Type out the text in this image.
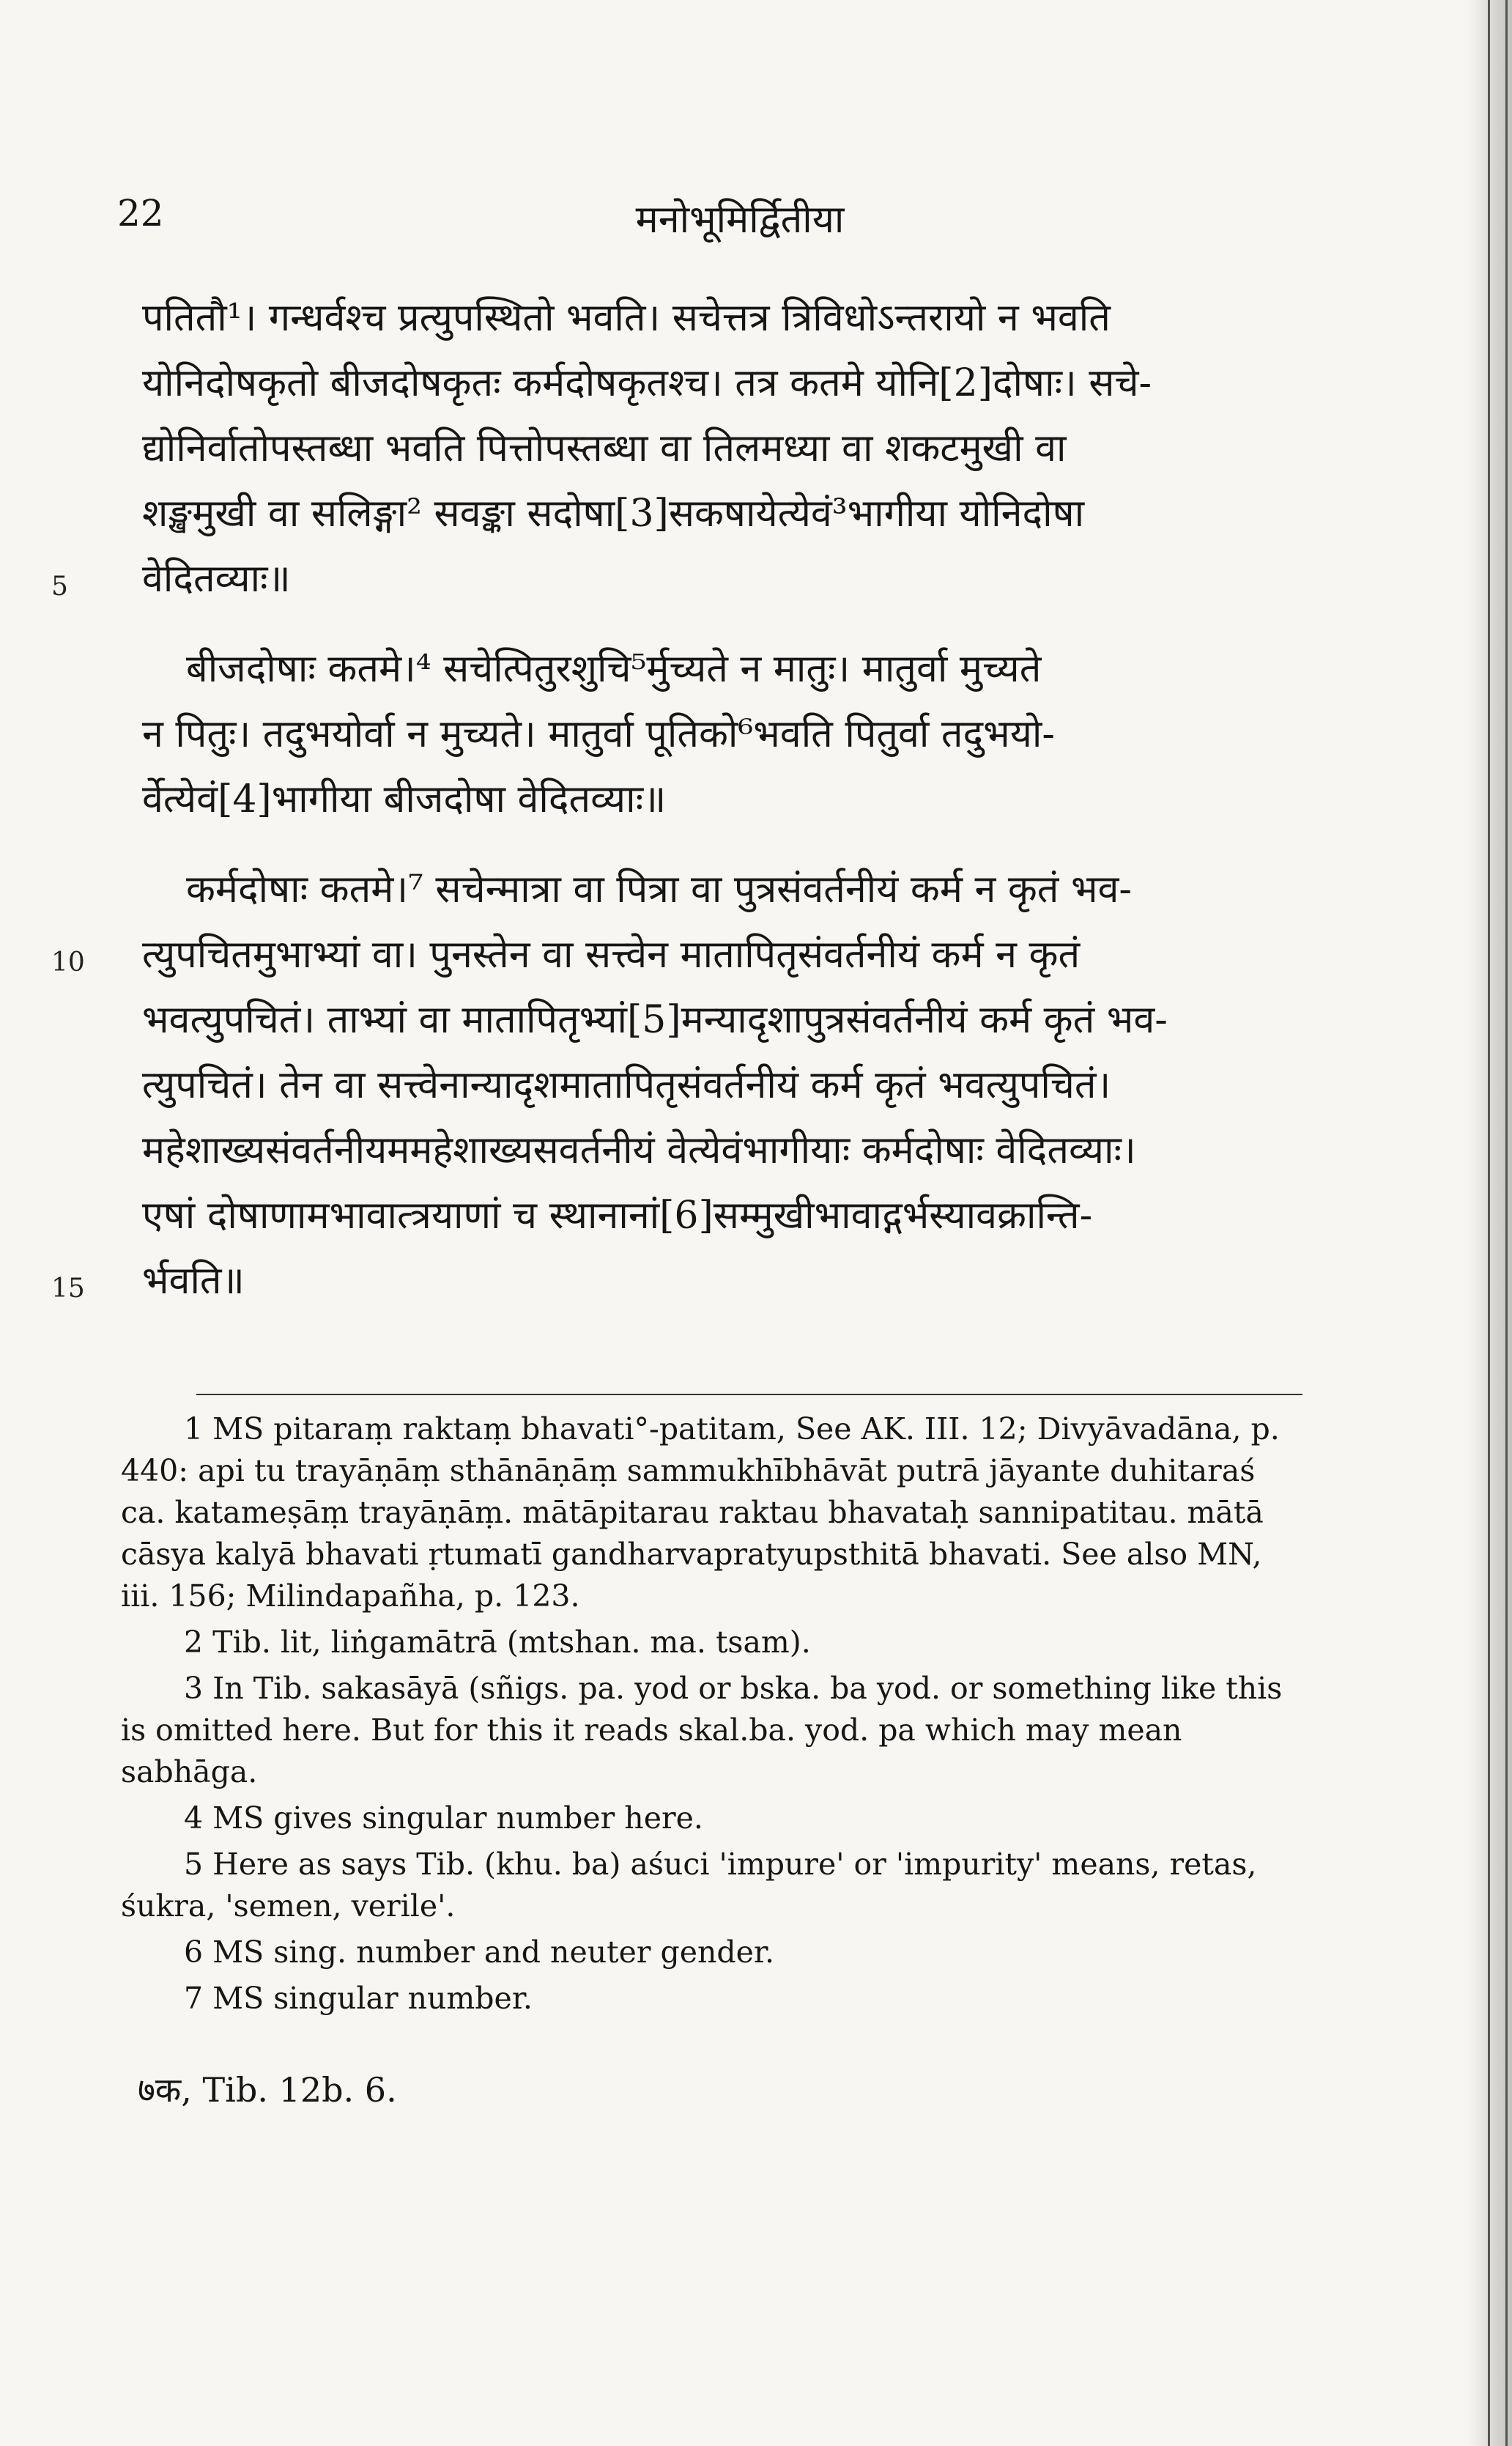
22	मनोभूमिर्द्वितीया
पतितौ¹। गन्धर्वश्च प्रत्युपस्थितो भवति। सचेत्तत्र त्रिविधोऽन्तरायो न भवति
योनिदोषकृतो बीजदोषकृतः कर्मदोषकृतश्च। तत्र कतमे योनि[2]दोषाः। सचे-
द्योनिर्वातोपस्तब्धा भवति पित्तोपस्तब्धा वा तिलमध्या वा शकटमुखी वा
शङ्खमुखी वा सलिङ्गा² सवङ्का सदोषा[3]सकषायेत्येवं³भागीया योनिदोषा
वेदितव्याः॥
5
बीजदोषाः कतमे।⁴ सचेत्पितुरशुचि⁵र्मुच्यते न मातुः। मातुर्वा मुच्यते
न पितुः। तदुभयोर्वा न मुच्यते। मातुर्वा पूतिको⁶भवति पितुर्वा तदुभयो-
र्वेत्येवं[4]भागीया बीजदोषा वेदितव्याः॥
कर्मदोषाः कतमे।⁷ सचेन्मात्रा वा पित्रा वा पुत्रसंवर्तनीयं कर्म न कृतं भव-
त्युपचितमुभाभ्यां वा। पुनस्तेन वा सत्त्वेन मातापितृसंवर्तनीयं कर्म न कृतं
10
भवत्युपचितं। ताभ्यां वा मातापितृभ्यां[5]मन्यादृशापुत्रसंवर्तनीयं कर्म कृतं भव-
त्युपचितं। तेन वा सत्त्वेनान्यादृशमातापितृसंवर्तनीयं कर्म कृतं भवत्युपचितं।
महेशाख्यसंवर्तनीयममहेशाख्यसवर्तनीयं वेत्येवंभागीयाः कर्मदोषाः वेदितव्याः।
एषां दोषाणामभावात्त्रयाणां च स्थानानां[6]सम्मुखीभावाद्गर्भस्यावक्रान्ति-
र्भवति॥
15

1 MS pitaraṃ raktaṃ bhavati°-patitam, See AK. III. 12; Divyāvadāna, p. 440: api tu trayāṇāṃ sthānāṇāṃ sammukhībhāvāt putrā jāyante duhitaraś ca. katameṣāṃ trayāṇāṃ. mātāpitarau raktau bhavataḥ sannipatitau. mātā cāsya kalyā bhavati ṛtumatī gandharvapratyupsthitā bhavati. See also MN, iii. 156; Milindapañha, p. 123.

2 Tib. lit, liṅgamātrā (mtshan. ma. tsam).

3 In Tib. sakasāyā (sñigs. pa. yod or bska. ba yod. or something like this is omitted here. But for this it reads skal.ba. yod. pa which may mean sabhāga.

4 MS gives singular number here.

5 Here as says Tib. (khu. ba) aśuci 'impure' or 'impurity' means, retas, śukra, 'semen, verile'.

6 MS sing. number and neuter gender.

7 MS singular number.

७क, Tib. 12b. 6.
